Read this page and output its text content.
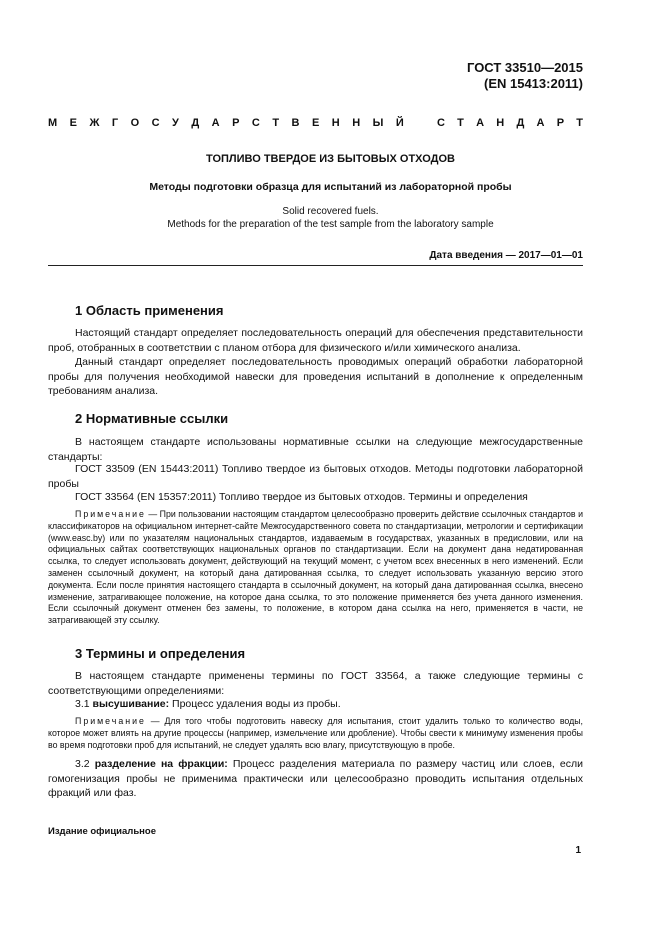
ГОСТ 33510—2015
(EN 15413:2011)
М Е Ж Г О С У Д А Р С Т В Е Н Н Ы Й	С Т А Н Д А Р Т
ТОПЛИВО ТВЕРДОЕ ИЗ БЫТОВЫХ ОТХОДОВ
Методы подготовки образца для испытаний из лабораторной пробы

Solid recovered fuels.

Methods for the preparation of the test sample from the laboratory sample

Дата введения — 2017—01—01
1 Область применения

Настоящий стандарт определяет последовательность операций для обеспечения представительности проб, отобранных в соответствии с планом отбора для физического и/или химического анализа.

Данный стандарт определяет последовательность проводимых операций обработки лабораторной пробы для получения необходимой навески для проведения испытаний в дополнение к определенным требованиям анализа.

2 Нормативные ссылки

В настоящем стандарте использованы нормативные ссылки на следующие межгосударственные стандарты:

ГОСТ 33509 (EN 15443:2011) Топливо твердое из бытовых отходов. Методы подготовки лабораторной пробы

ГОСТ 33564 (EN 15357:2011) Топливо твердое из бытовых отходов. Термины и определения

Примечание — При пользовании настоящим стандартом целесообразно проверить действие ссылочных стандартов и классификаторов на официальном интернет-сайте Межгосударственного совета по стандартизации, метрологии и сертификации (www.easc.by) или по указателям национальных стандартов, издаваемым в государствах, указанных в предисловии, или на официальных сайтах соответствующих национальных органов по стандартизации. Если на документ дана недатированная ссылка, то следует использовать документ, действующий на текущий момент, с учетом всех внесенных в него изменений. Если заменен ссылочный документ, на который дана датированная ссылка, то следует использовать указанную версию этого документа. Если после принятия настоящего стандарта в ссылочный документ, на который дана датированная ссылка, внесено изменение, затрагивающее положение, на которое дана ссылка, то это положение применяется без учета данного изменения. Если ссылочный документ отменен без замены, то положение, в котором дана ссылка на него, применяется в части, не затрагивающей эту ссылку.

3 Термины и определения

В настоящем стандарте применены термины по ГОСТ 33564, а также следующие термины с соответствующими определениями:

3.1 высушивание: Процесс удаления воды из пробы.

Примечание — Для того чтобы подготовить навеску для испытания, стоит удалить только то количество воды, которое может влиять на другие процессы (например, измельчение или дробление). Чтобы свести к минимуму изменения пробы во время подготовки проб для испытаний, не следует удалять всю влагу, присутствующую в пробе.

3.2 разделение на фракции: Процесс разделения материала по размеру частиц или слоев, если гомогенизация пробы не применима практически или целесообразно проводить испытания отдельных фракций или фаз.

Издание официальное
1
